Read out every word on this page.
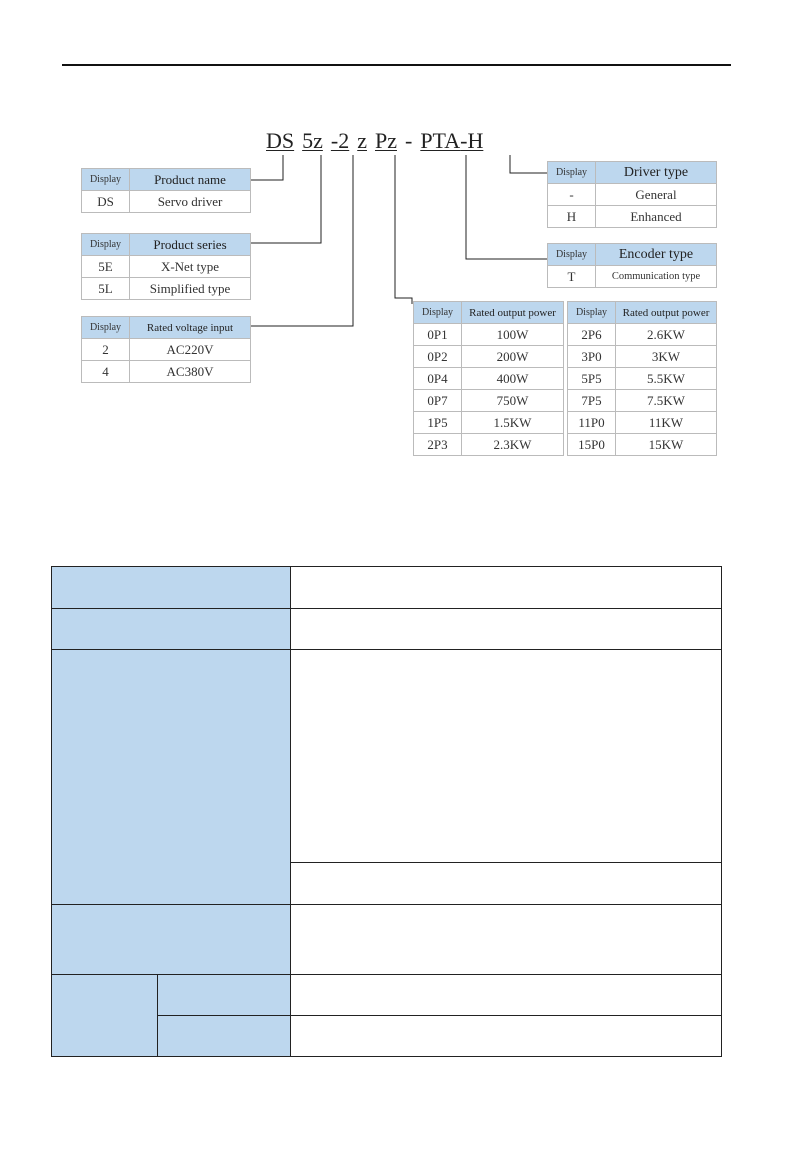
DS 5z -2 z Pz - PTA-H
Display	Product name
DS	Servo driver
Display	Product series
5E	X-Net type
5L	Simplified type
Display	Rated voltage input
2	AC220V
4	AC380V
Display	Driver type
-	General
H	Enhanced
Display	Encoder type
T	Communication type
Display	Rated output power
0P1	100W
0P2	200W
0P4	400W
0P7	750W
1P5	1.5KW
2P3	2.3KW
Display	Rated output power
2P6	2.6KW
3P0	3KW
5P5	5.5KW
7P5	7.5KW
11P0	11KW
15P0	15KW
